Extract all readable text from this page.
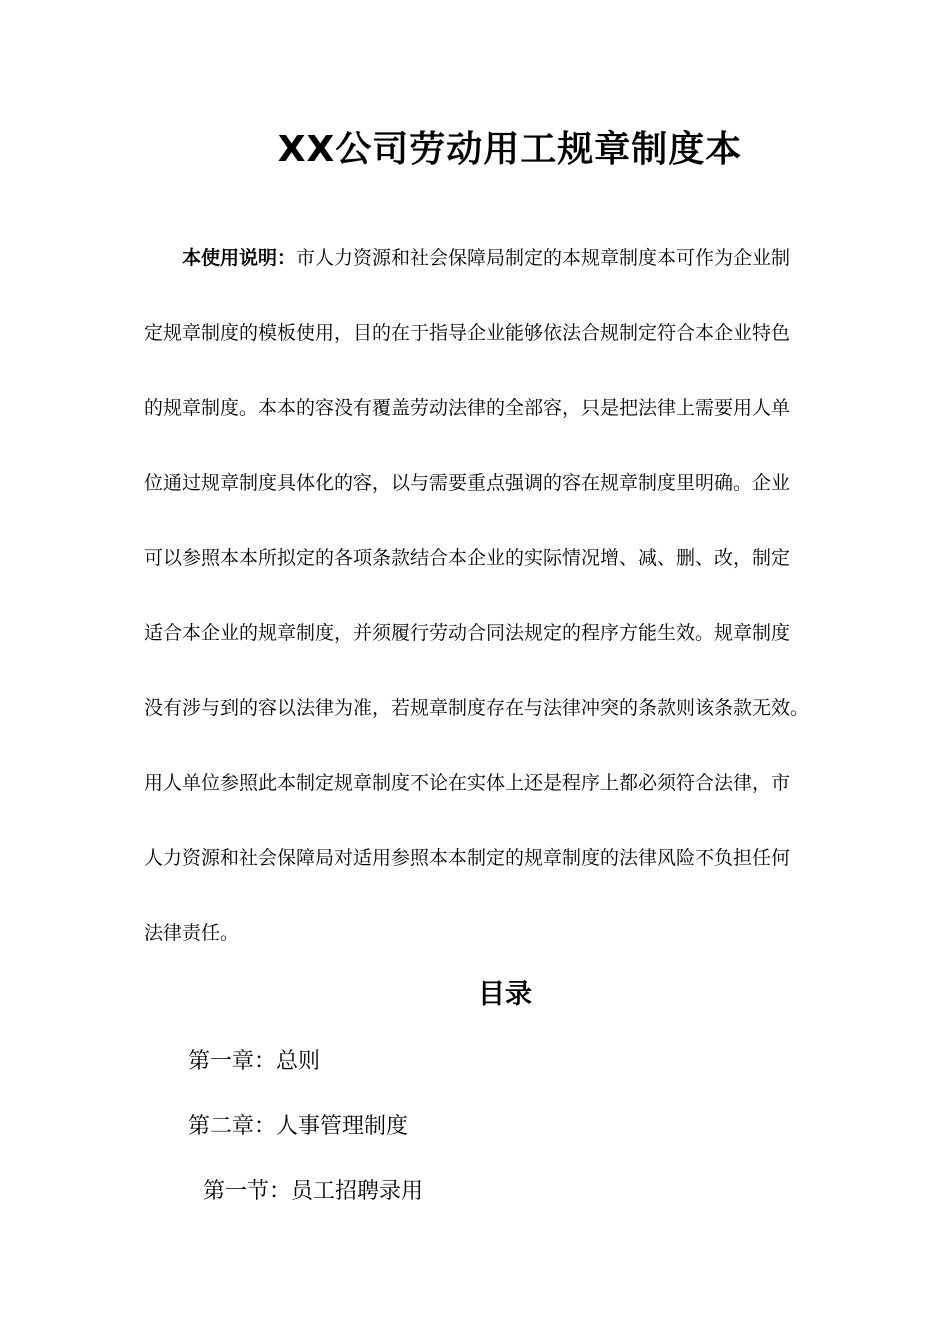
XX公司劳动用工规章制度本
本使用说明：市人力资源和社会保障局制定的本规章制度本可作为企业制
定规章制度的模板使用，目的在于指导企业能够依法合规制定符合本企业特色
的规章制度。本本的容没有覆盖劳动法律的全部容，只是把法律上需要用人单
位通过规章制度具体化的容，以与需要重点强调的容在规章制度里明确。企业
可以参照本本所拟定的各项条款结合本企业的实际情况增、减、删、改，制定
适合本企业的规章制度，并须履行劳动合同法规定的程序方能生效。规章制度
没有涉与到的容以法律为准，若规章制度存在与法律冲突的条款则该条款无效。
用人单位参照此本制定规章制度不论在实体上还是程序上都必须符合法律，市
人力资源和社会保障局对适用参照本本制定的规章制度的法律风险不负担任何
法律责任。
目录
第一章：总则
第二章：人事管理制度
第一节：员工招聘录用
